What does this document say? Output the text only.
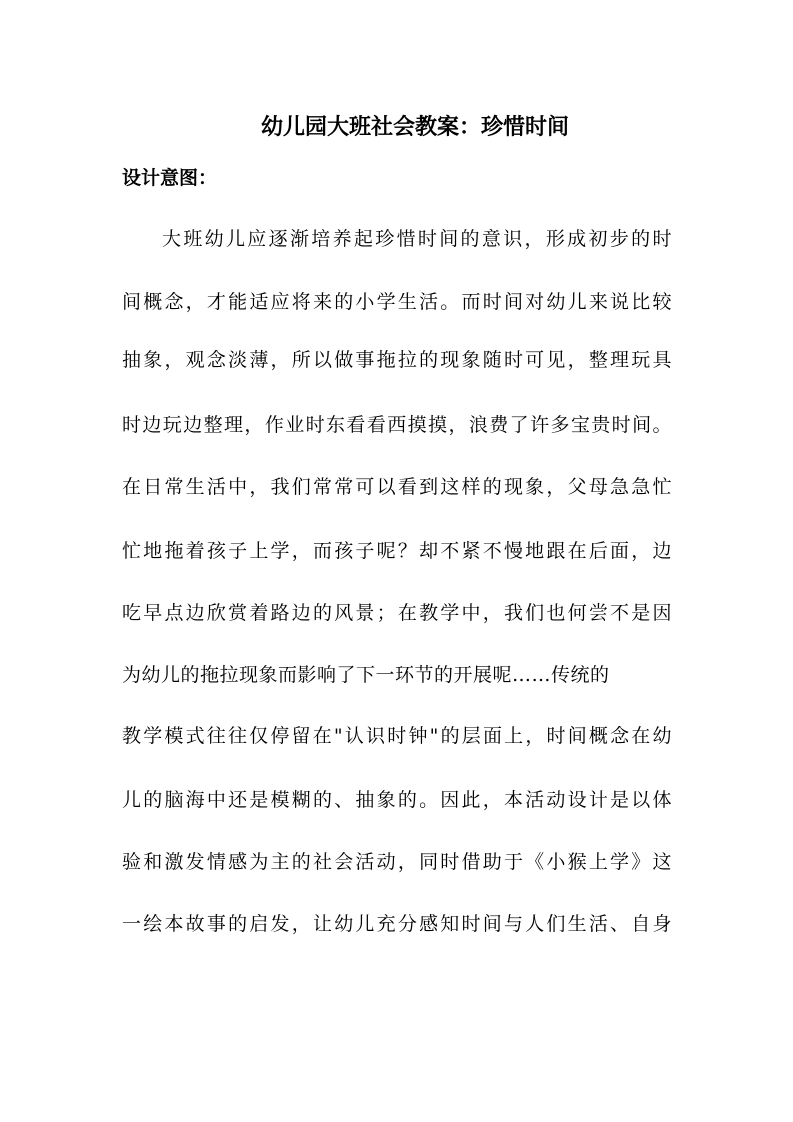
幼儿园大班社会教案：珍惜时间
设计意图：
大班幼儿应逐渐培养起珍惜时间的意识，形成初步的时
间概念，才能适应将来的小学生活。而时间对幼儿来说比较
抽象，观念淡薄，所以做事拖拉的现象随时可见，整理玩具
时边玩边整理，作业时东看看西摸摸，浪费了许多宝贵时间。
在日常生活中，我们常常可以看到这样的现象，父母急急忙
忙地拖着孩子上学，而孩子呢？却不紧不慢地跟在后面，边
吃早点边欣赏着路边的风景；在教学中，我们也何尝不是因
为幼儿的拖拉现象而影响了下一环节的开展呢……传统的
教学模式往往仅停留在"认识时钟"的层面上，时间概念在幼
儿的脑海中还是模糊的、抽象的。因此，本活动设计是以体
验和激发情感为主的社会活动，同时借助于《小猴上学》这
一绘本故事的启发，让幼儿充分感知时间与人们生活、自身
